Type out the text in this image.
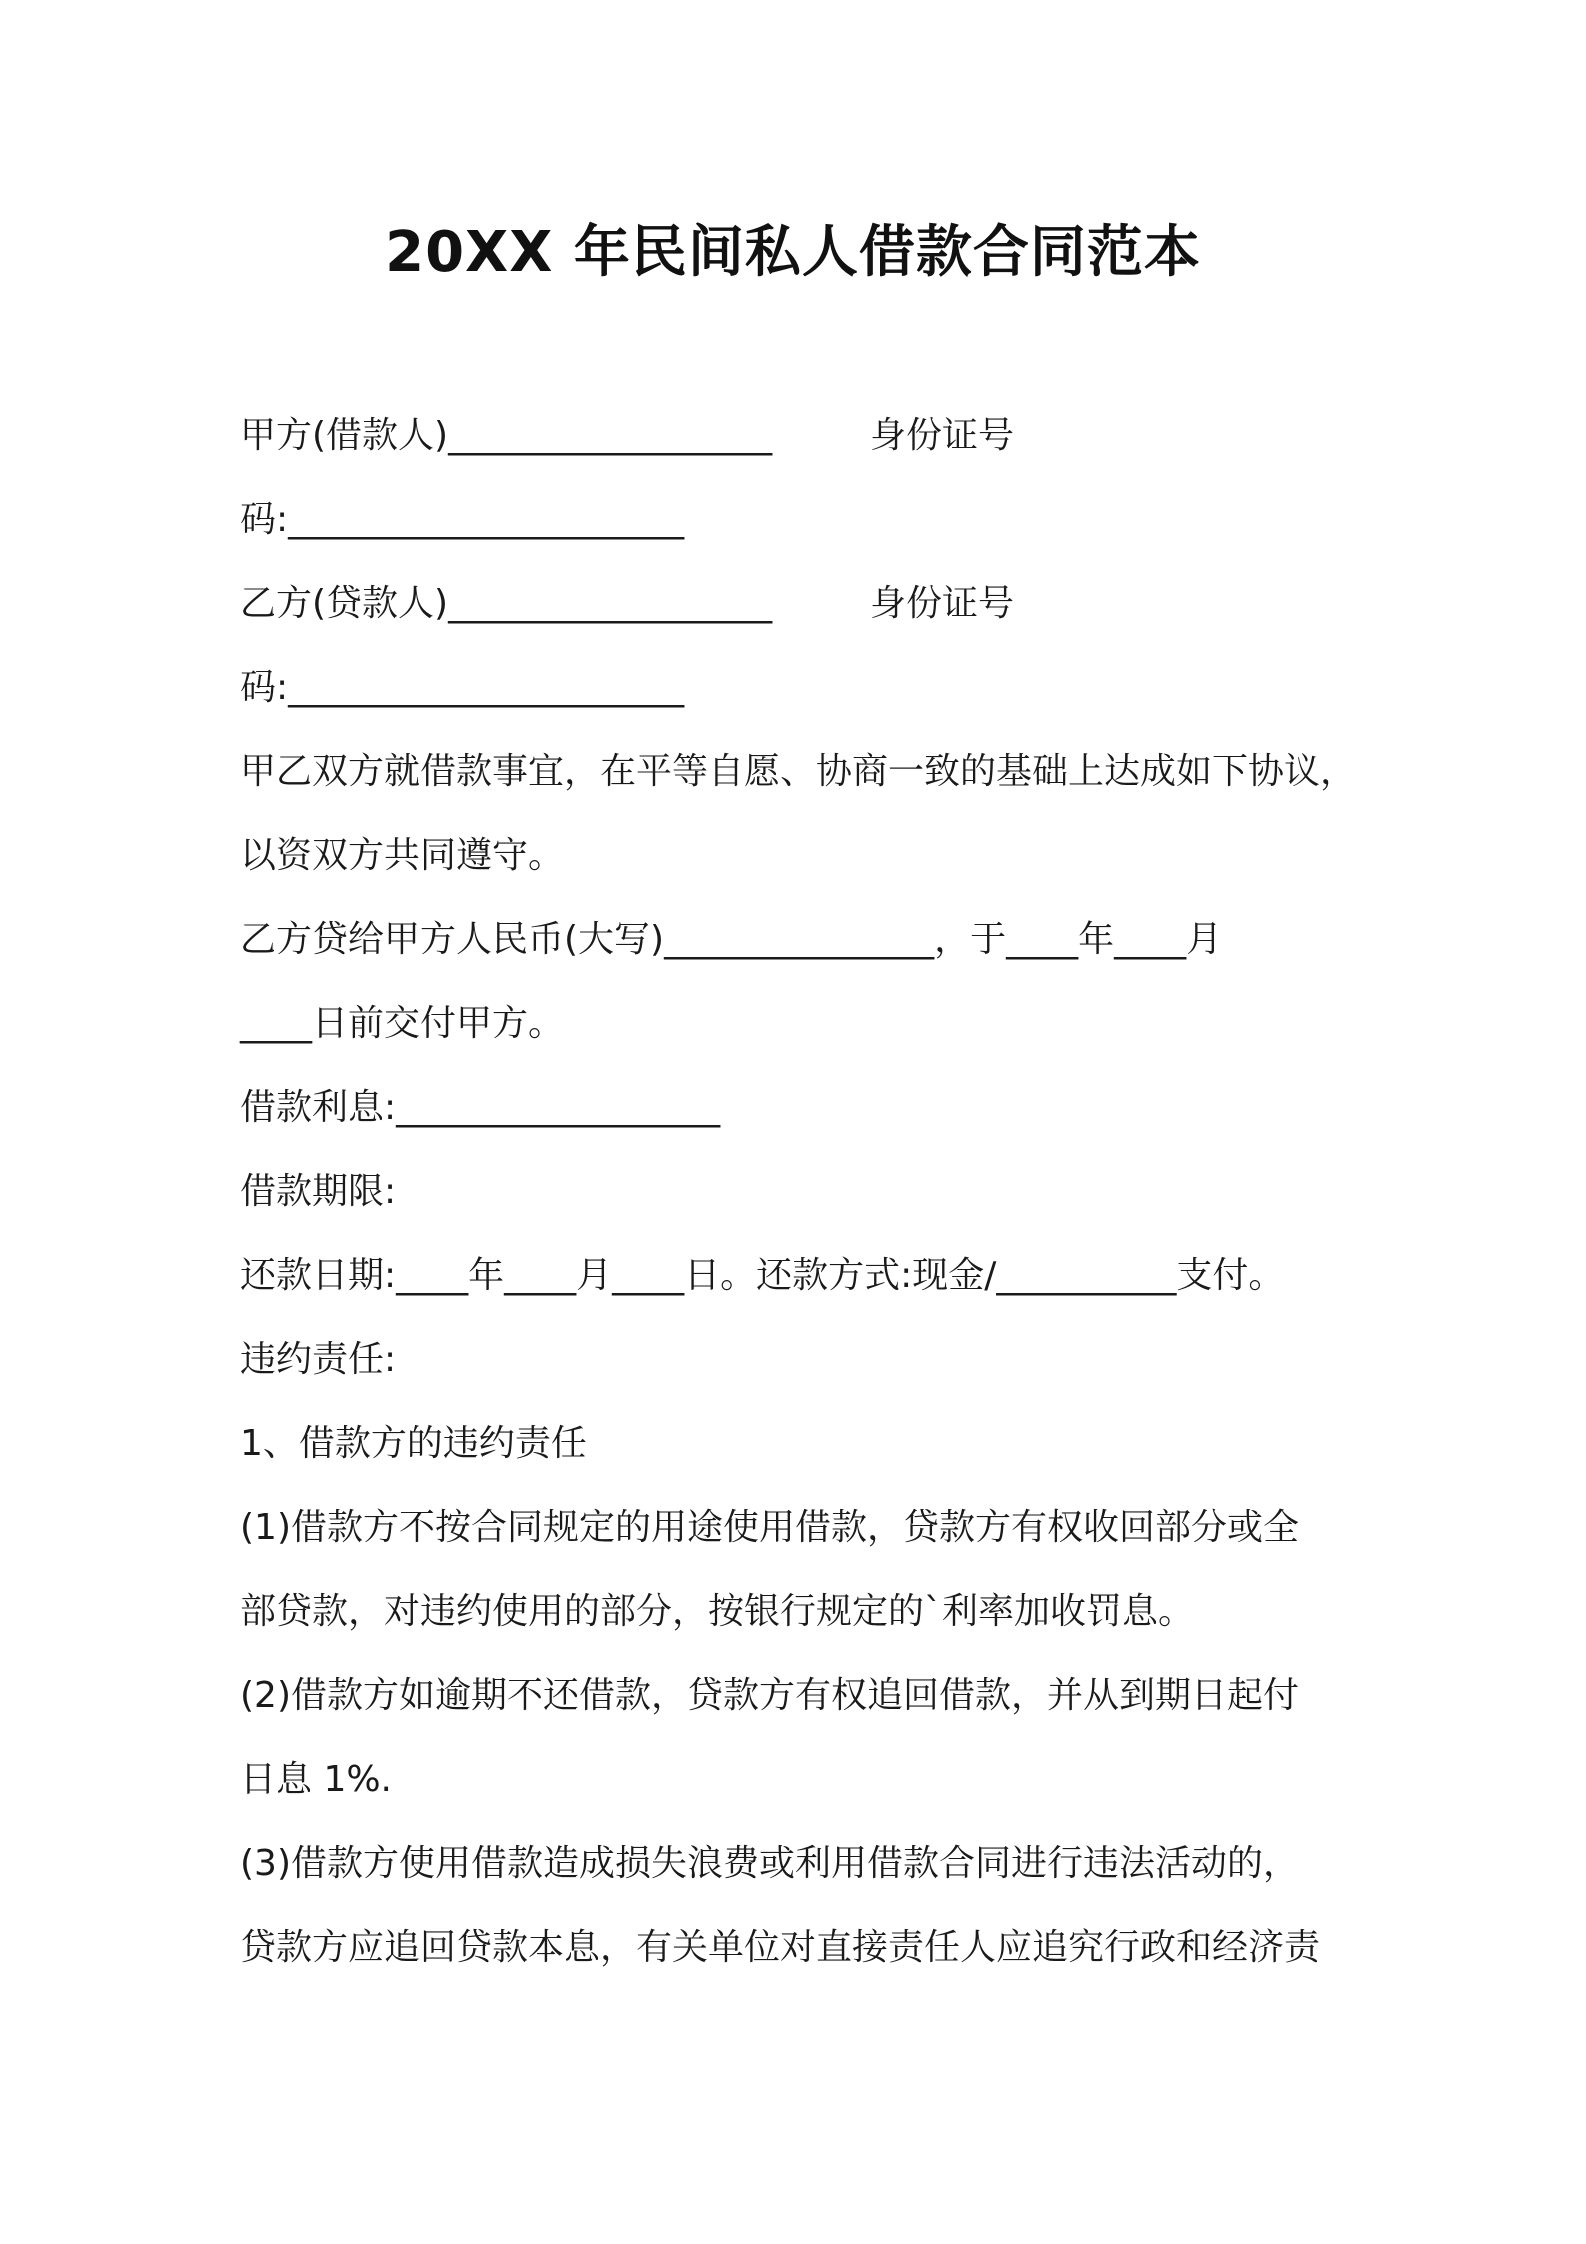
20XX 年民间私人借款合同范本
甲方(借款人)__________________	身份证号
码:______________________
乙方(贷款人)__________________	身份证号
码:______________________
甲乙双方就借款事宜，在平等自愿、协商一致的基础上达成如下协议，
以资双方共同遵守。
乙方贷给甲方人民币(大写)_______________，于____年____月
____日前交付甲方。
借款利息:__________________
借款期限:
还款日期:____年____月____日。还款方式:现金/__________支付。
违约责任:
1、借款方的违约责任
(1)借款方不按合同规定的用途使用借款，贷款方有权收回部分或全
部贷款，对违约使用的部分，按银行规定的`利率加收罚息。
(2)借款方如逾期不还借款，贷款方有权追回借款，并从到期日起付
日息 1%.
(3)借款方使用借款造成损失浪费或利用借款合同进行违法活动的，
贷款方应追回贷款本息，有关单位对直接责任人应追究行政和经济责
